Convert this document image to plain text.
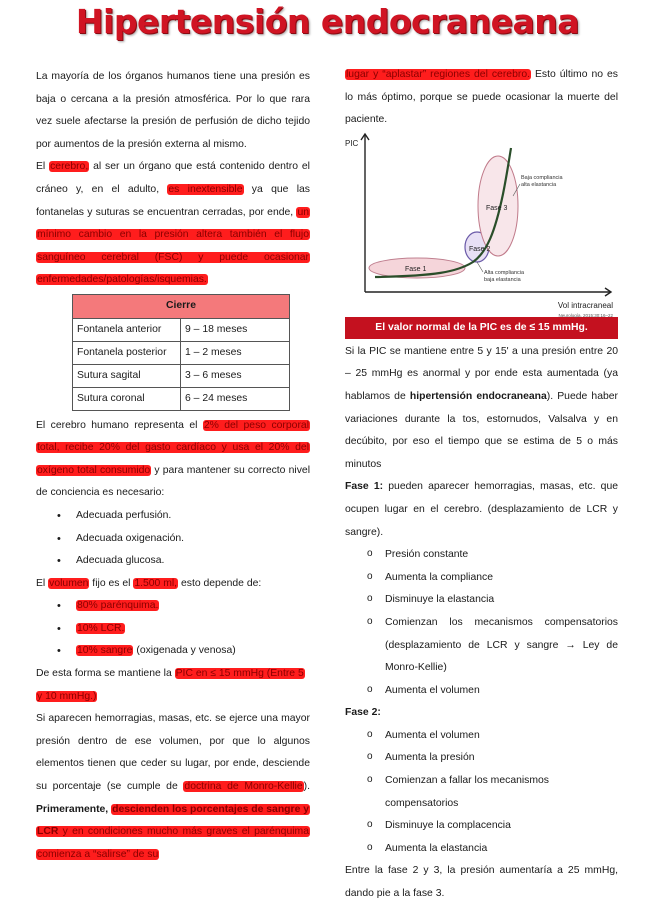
Hipertensión endocraneana

La mayoría de los órganos humanos tiene una presión es baja o cercana a la presión atmosférica. Por lo que rara vez suele afectarse la presión de perfusión de dicho tejido por aumentos de la presión externa al mismo.

El cerebro, al ser un órgano que está contenido dentro el cráneo y, en el adulto, es inextensible ya que las fontanelas y suturas se encuentran cerradas, por ende, un mínimo cambio en la presión altera también el flujo sanguíneo cerebral (FSC) y puede ocasionar enfermedades/patologías/isquemias.

Cierre	
Fontanela anterior	9 – 18 meses
Fontanela posterior	1 – 2 meses
Sutura sagital	3 – 6 meses
Sutura coronal	6 – 24 meses

El cerebro humano representa el 2% del peso corporal total, recibe 20% del gasto cardíaco y usa el 20% del oxígeno total consumido y para mantener su correcto nivel de conciencia es necesario:

• Adecuada perfusión.
• Adecuada oxigenación.
• Adecuada glucosa.

El volumen fijo es el 1.500 ml, esto depende de:

• 80% parénquima.
• 10% LCR.
• 10% sangre (oxigenada y venosa)

De esta forma se mantiene la PIC en ≤ 15 mmHg (Entre 5 y 10 mmHg.)

Si aparecen hemorragias, masas, etc. se ejerce una mayor presión dentro de ese volumen, por que lo algunos elementos tienen que ceder su lugar, por ende, desciende su porcentaje (se cumple de doctrina de Monro-Kellie). Primeramente, descienden los porcentajes de sangre y LCR y en condiciones mucho más graves el parénquima comienza a “salirse” de su

lugar y “aplastar” regiones del cerebro. Esto último no es lo más óptimo, porque se puede ocasionar la muerte del paciente.

PIC
Vol intracraneal
Fase 1
Fase 2
Fase 3
Baja compliancia
alta elastancia
Alta compliancia
baja elastancia
Neurología, 2015;30:16–22
El valor normal de la PIC es de ≤ 15 mmHg.

Si la PIC se mantiene entre 5 y 15' a una presión entre 20 – 25 mmHg es anormal y por ende esta aumentada (ya hablamos de hipertensión endocraneana). Puede haber variaciones durante la tos, estornudos, Valsalva y en decúbito, por eso el tiempo que se estima de 5 o más minutos

Fase 1: pueden aparecer hemorragias, masas, etc. que ocupen lugar en el cerebro. (desplazamiento de LCR y sangre).

o Presión constante
o Aumenta la compliance
o Disminuye la elastancia
o Comienzan los mecanismos compensatorios (desplazamiento de LCR y sangre → Ley de Monro-Kellie)
o Aumenta el volumen

Fase 2:

o Aumenta el volumen
o Aumenta la presión
o Comienzan a fallar los mecanismos compensatorios
o Disminuye la complacencia
o Aumenta la elastancia

Entre la fase 2 y 3, la presión aumentaría a 25 mmHg, dando pie a la fase 3.
